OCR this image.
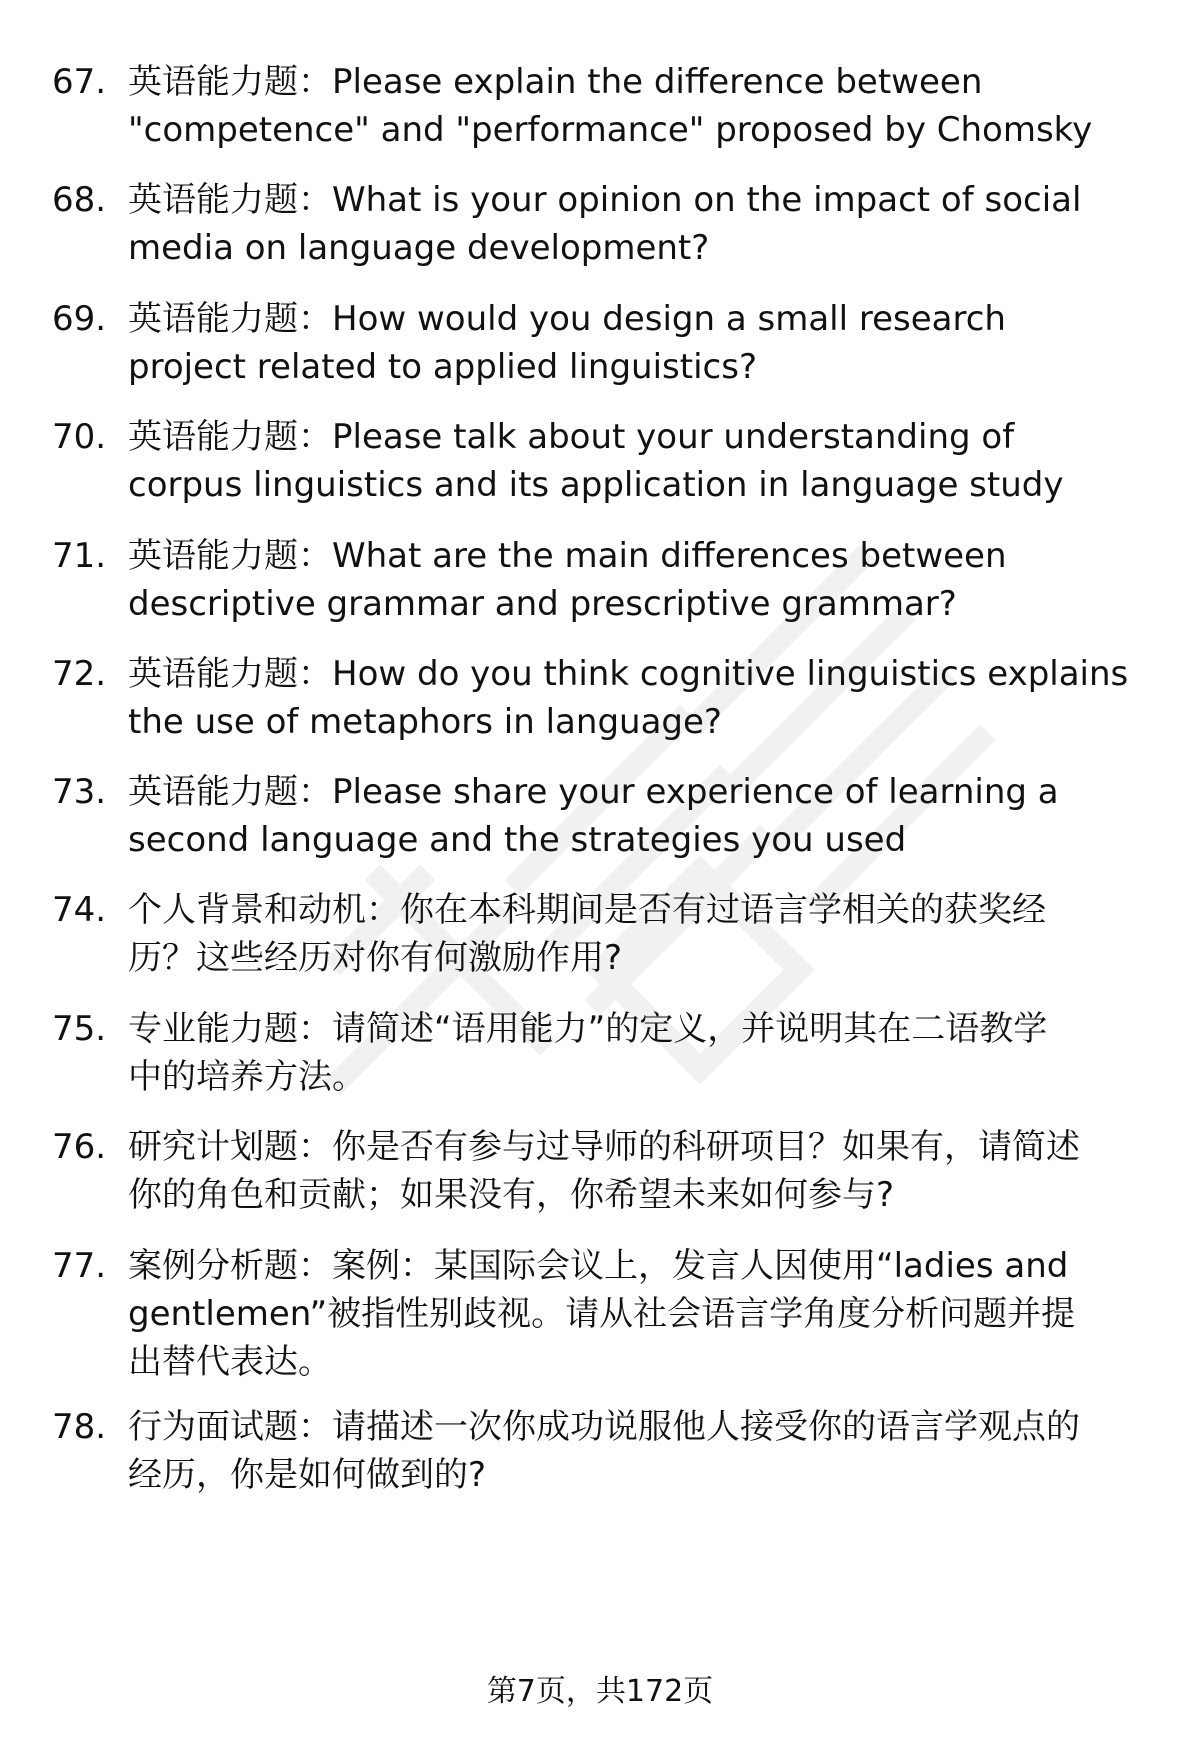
67. 英语能力题：Please explain the difference between
"competence" and "performance" proposed by Chomsky
68. 英语能力题：What is your opinion on the impact of social
media on language development?
69. 英语能力题：How would you design a small research
project related to applied linguistics?
70. 英语能力题：Please talk about your understanding of
corpus linguistics and its application in language study
71. 英语能力题：What are the main differences between
descriptive grammar and prescriptive grammar?
72. 英语能力题：How do you think cognitive linguistics explains
the use of metaphors in language?
73. 英语能力题：Please share your experience of learning a
second language and the strategies you used
74. 个人背景和动机：你在本科期间是否有过语言学相关的获奖经
历？这些经历对你有何激励作用?
75. 专业能力题：请简述“语用能力”的定义，并说明其在二语教学
中的培养方法。
76. 研究计划题：你是否有参与过导师的科研项目？如果有，请简述
你的角色和贡献；如果没有，你希望未来如何参与?
77. 案例分析题：案例：某国际会议上，发言人因使用“ladies and
gentlemen”被指性别歧视。请从社会语言学角度分析问题并提
出替代表达。
78. 行为面试题：请描述一次你成功说服他人接受你的语言学观点的
经历，你是如何做到的?
第7页，共172页
